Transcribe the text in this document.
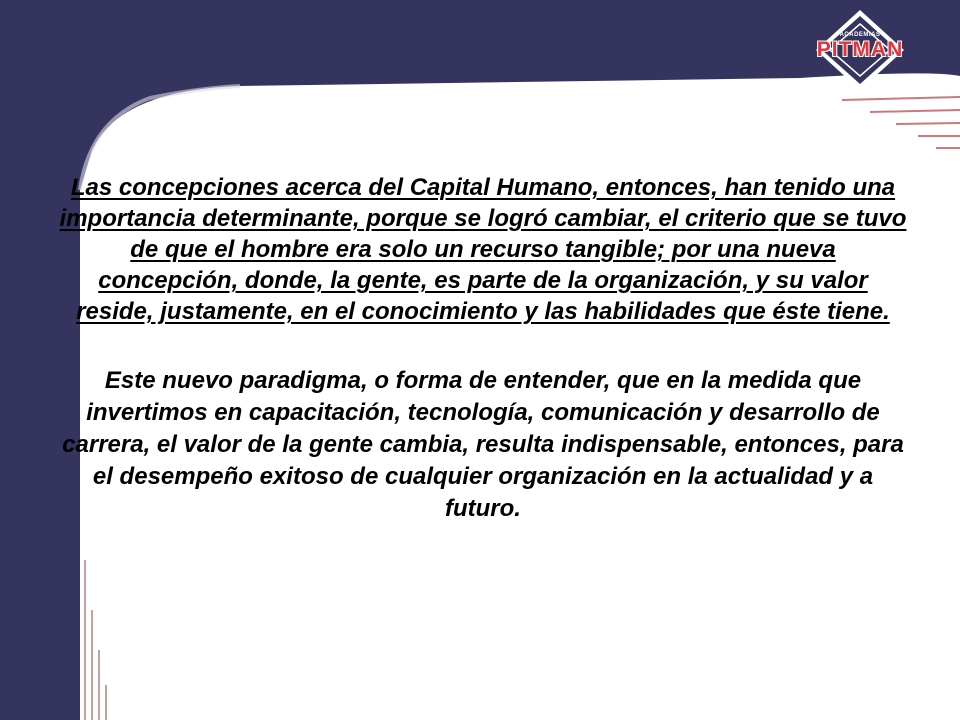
ACADEMIAS
PITMAN

Las concepciones acerca del Capital Humano, entonces, han tenido una importancia determinante, porque se logró cambiar, el criterio que se tuvo de que el hombre era solo un recurso tangible; por una nueva concepción, donde, la gente, es parte de la organización, y su valor reside, justamente, en el conocimiento y las habilidades que éste tiene.

Este nuevo paradigma, o forma de entender, que en la medida que invertimos en capacitación, tecnología, comunicación y desarrollo de carrera, el valor de la gente cambia, resulta indispensable, entonces, para el desempeño exitoso de cualquier organización en la actualidad y a futuro.
